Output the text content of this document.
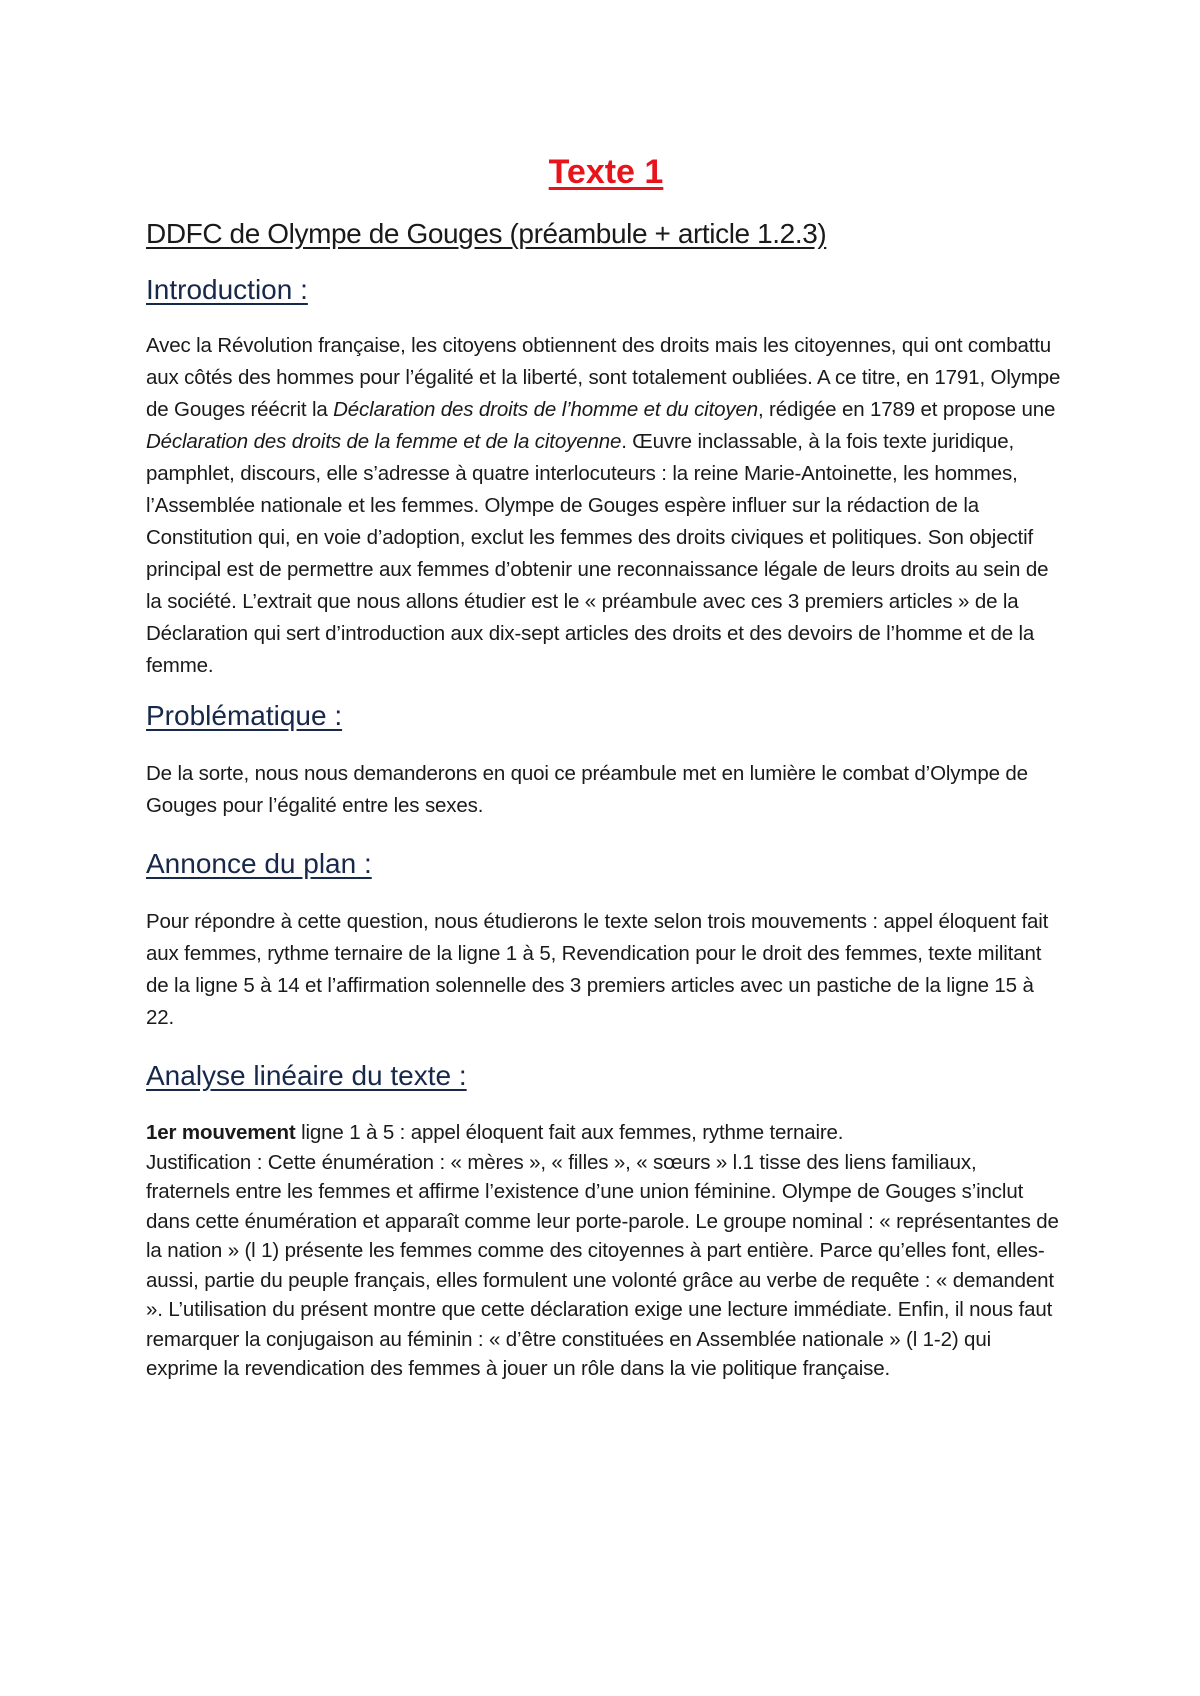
Texte 1
DDFC de Olympe de Gouges (préambule + article 1.2.3)
Introduction :

Avec la Révolution française, les citoyens obtiennent des droits mais les citoyennes, qui ont combattu aux côtés des hommes pour l’égalité et la liberté, sont totalement oubliées. A ce titre, en 1791, Olympe de Gouges réécrit la Déclaration des droits de l’homme et du citoyen, rédigée en 1789 et propose une Déclaration des droits de la femme et de la citoyenne. Œuvre inclassable, à la fois texte juridique, pamphlet, discours, elle s’adresse à quatre interlocuteurs : la reine Marie-Antoinette, les hommes, l’Assemblée nationale et les femmes. Olympe de Gouges espère influer sur la rédaction de la Constitution qui, en voie d’adoption, exclut les femmes des droits civiques et politiques. Son objectif principal est de permettre aux femmes d’obtenir une reconnaissance légale de leurs droits au sein de la société. L’extrait que nous allons étudier est le « préambule avec ces 3 premiers articles » de la Déclaration qui sert d’introduction aux dix-sept articles des droits et des devoirs de l’homme et de la femme.

Problématique :

De la sorte, nous nous demanderons en quoi ce préambule met en lumière le combat d’Olympe de Gouges pour l’égalité entre les sexes.

Annonce du plan :

Pour répondre à cette question, nous étudierons le texte selon trois mouvements : appel éloquent fait aux femmes, rythme ternaire de la ligne 1 à 5, Revendication pour le droit des femmes, texte militant de la ligne 5 à 14 et l’affirmation solennelle des 3 premiers articles avec un pastiche de la ligne 15 à 22.

Analyse linéaire du texte :

1er mouvement ligne 1 à 5 : appel éloquent fait aux femmes, rythme ternaire.

Justification : Cette énumération : « mères », « filles », « sœurs » l.1 tisse des liens familiaux, fraternels entre les femmes et affirme l’existence d’une union féminine. Olympe de Gouges s’inclut dans cette énumération et apparaît comme leur porte-parole. Le groupe nominal : « représentantes de la nation » (l 1) présente les femmes comme des citoyennes à part entière. Parce qu’elles font, elles-aussi, partie du peuple français, elles formulent une volonté grâce au verbe de requête : « demandent ». L’utilisation du présent montre que cette déclaration exige une lecture immédiate. Enfin, il nous faut remarquer la conjugaison au féminin : « d’être constituées en Assemblée nationale » (l 1-2) qui exprime la revendication des femmes à jouer un rôle dans la vie politique française.
